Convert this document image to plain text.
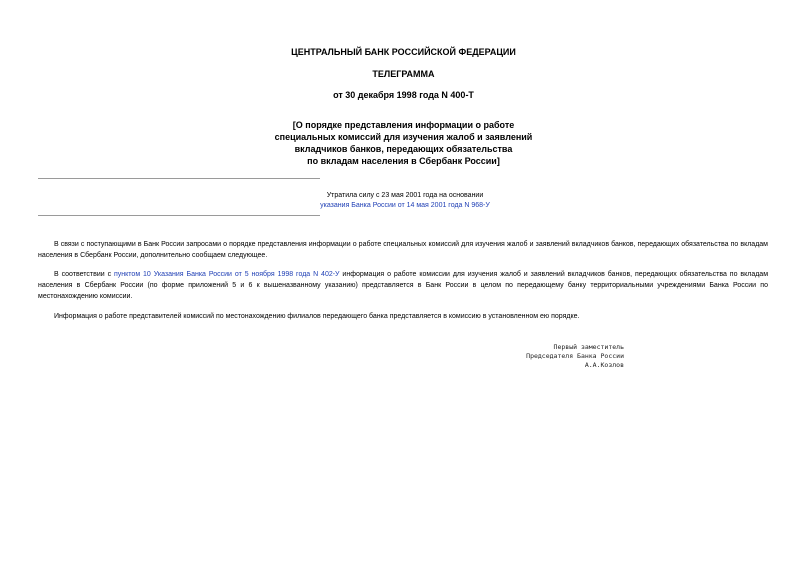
ЦЕНТРАЛЬНЫЙ БАНК РОССИЙСКОЙ ФЕДЕРАЦИИ

ТЕЛЕГРАММА

от 30 декабря 1998 года N 400-Т

[О порядке представления информации о работе
специальных комиссий для изучения жалоб и заявлений
вкладчиков банков, передающих обязательства
по вкладам населения в Сбербанк России]

Утратила силу с 23 мая 2001 года на основании
указания Банка России от 14 мая 2001 года N 968-У

В связи с поступающими в Банк России запросами о порядке представления информации о работе специальных комиссий для изучения жалоб и заявлений вкладчиков банков, передающих обязательства по вкладам населения в Сбербанк России, дополнительно сообщаем следующее.

В соответствии с пунктом 10 Указания Банка России от 5 ноября 1998 года N 402-У информация о работе комиссии для изучения жалоб и заявлений вкладчиков банков, передающих обязательства по вкладам населения в Сбербанк России (по форме приложений 5 и 6 к вышеназванному указанию) представляется в Банк России в целом по передающему банку территориальными учреждениями Банка России по местонахождению комиссии.

Информация о работе представителей комиссий по местонахождению филиалов передающего банка представляется в комиссию в установленном ею порядке.

Первый заместитель
Председателя Банка России
А.А.Козлов
